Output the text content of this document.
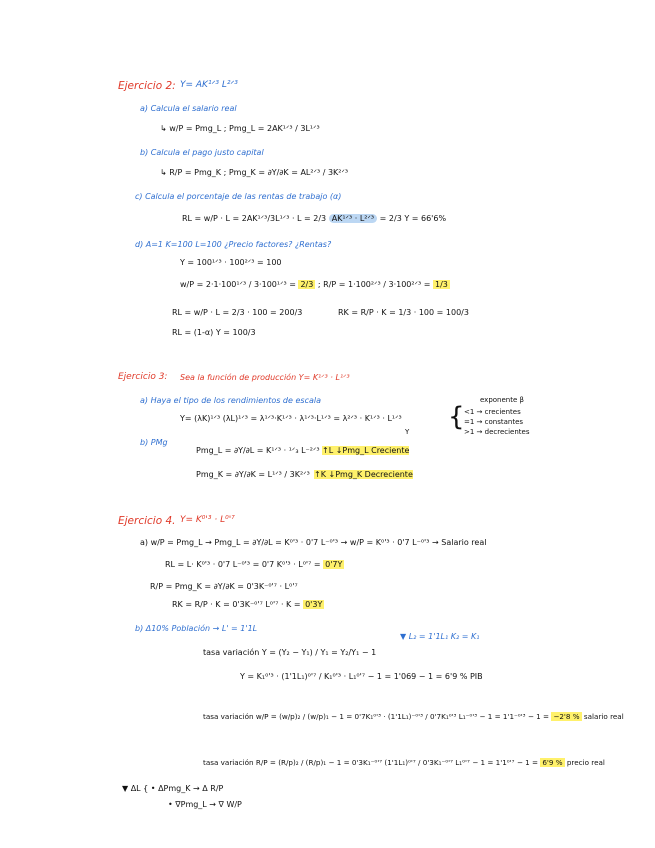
Ejercicio 2: Y= AK¹ᐟ³ L²ᐟ³
a) Calcula el salario real
↳ w/P = Pmg_L ; Pmg_L = 2AK¹ᐟ³ / 3L¹ᐟ³
b) Calcula el pago justo capital
↳ R/P = Pmg_K ; Pmg_K = ∂Y/∂K = AL²ᐟ³ / 3K²ᐟ³
c) Calcula el porcentaje de las rentas de trabajo (α)
RL = w/P · L = 2AK¹ᐟ³/3L¹ᐟ³ · L = 2/3 AK¹ᐟ³ · L²ᐟ³ = 2/3 Y = 66'6%
d) A=1 K=100 L=100 ¿Precio factores? ¿Rentas?
Y = 100¹ᐟ³ · 100²ᐟ³ = 100
w/P = 2·1·100¹ᐟ³ / 3·100¹ᐟ³ = 2/3 ; R/P = 1·100²ᐟ³ / 3·100²ᐟ³ = 1/3
RL = w/P · L = 2/3 · 100 = 200/3	RK = R/P · K = 1/3 · 100 = 100/3
RL = (1-α) Y = 100/3
Ejercicio 3: Sea la función de producción Y= K¹ᐟ³ · L¹ᐟ³
a) Haya el tipo de los rendimientos de escala
Y= (λK)¹ᐟ³ (λL)¹ᐟ³ = λ¹ᐟ³·K¹ᐟ³ · λ¹ᐟ³·L¹ᐟ³ = λ²ᐟ³ · K¹ᐟ³ · L¹ᐟ³
Y {
exponente β
<1 → crecientes
=1 → constantes
>1 → decrecientes
b) PMg
Pmg_L = ∂Y/∂L = K¹ᐟ³ · ¹ᐟ₃ L⁻²ᐟ³ ↑L ↓Pmg_L Creciente
Pmg_K = ∂Y/∂K = L¹ᐟ³ / 3K²ᐟ³ ↑K ↓Pmg_K Decreciente
Ejercicio 4. Y= K⁰'³ · L⁰'⁷
a) w/P = Pmg_L → Pmg_L = ∂Y/∂L = K⁰'³ · 0'7 L⁻⁰'³ → w/P = K⁰'³ · 0'7 L⁻⁰'³ → Salario real
RL = L· K⁰'³ · 0'7 L⁻⁰'³ = 0'7 K⁰'³ · L⁰'⁷ = 0'7Y
R/P = Pmg_K = ∂Y/∂K = 0'3K⁻⁰'⁷ · L⁰'⁷
RK = R/P · K = 0'3K⁻⁰'⁷ L⁰'⁷ · K = 0'3Y
b) Δ10% Población → L' = 1'1L
▼ L₂ = 1'1L₁ K₂ = K₁
tasa variación Y = (Y₂ − Y₁) / Y₁ = Y₂/Y₁ − 1
Y = K₁⁰'³ · (1'1L₁)⁰'⁷ / K₁⁰'³ · L₁⁰'⁷ − 1 = 1'069 − 1 = 6'9 % PIB
tasa variación w/P = (w/p)₂ / (w/p)₁ − 1 = 0'7K₁⁰'³ · (1'1L₁)⁻⁰'³ / 0'7K₁⁰'³ L₁⁻⁰'³ − 1 = 1'1⁻⁰'³ − 1 = −2'8 % salario real
tasa variación R/P = (R/p)₂ / (R/p)₁ − 1 = 0'3K₁⁻⁰'⁷ (1'1L₁)⁰'⁷ / 0'3K₁⁻⁰'⁷ L₁⁰'⁷ − 1 = 1'1⁰'⁷ − 1 = 6'9 % precio real
▼ ΔL { • ΔPmg_K → Δ R/P
• ∇Pmg_L → ∇ W/P
